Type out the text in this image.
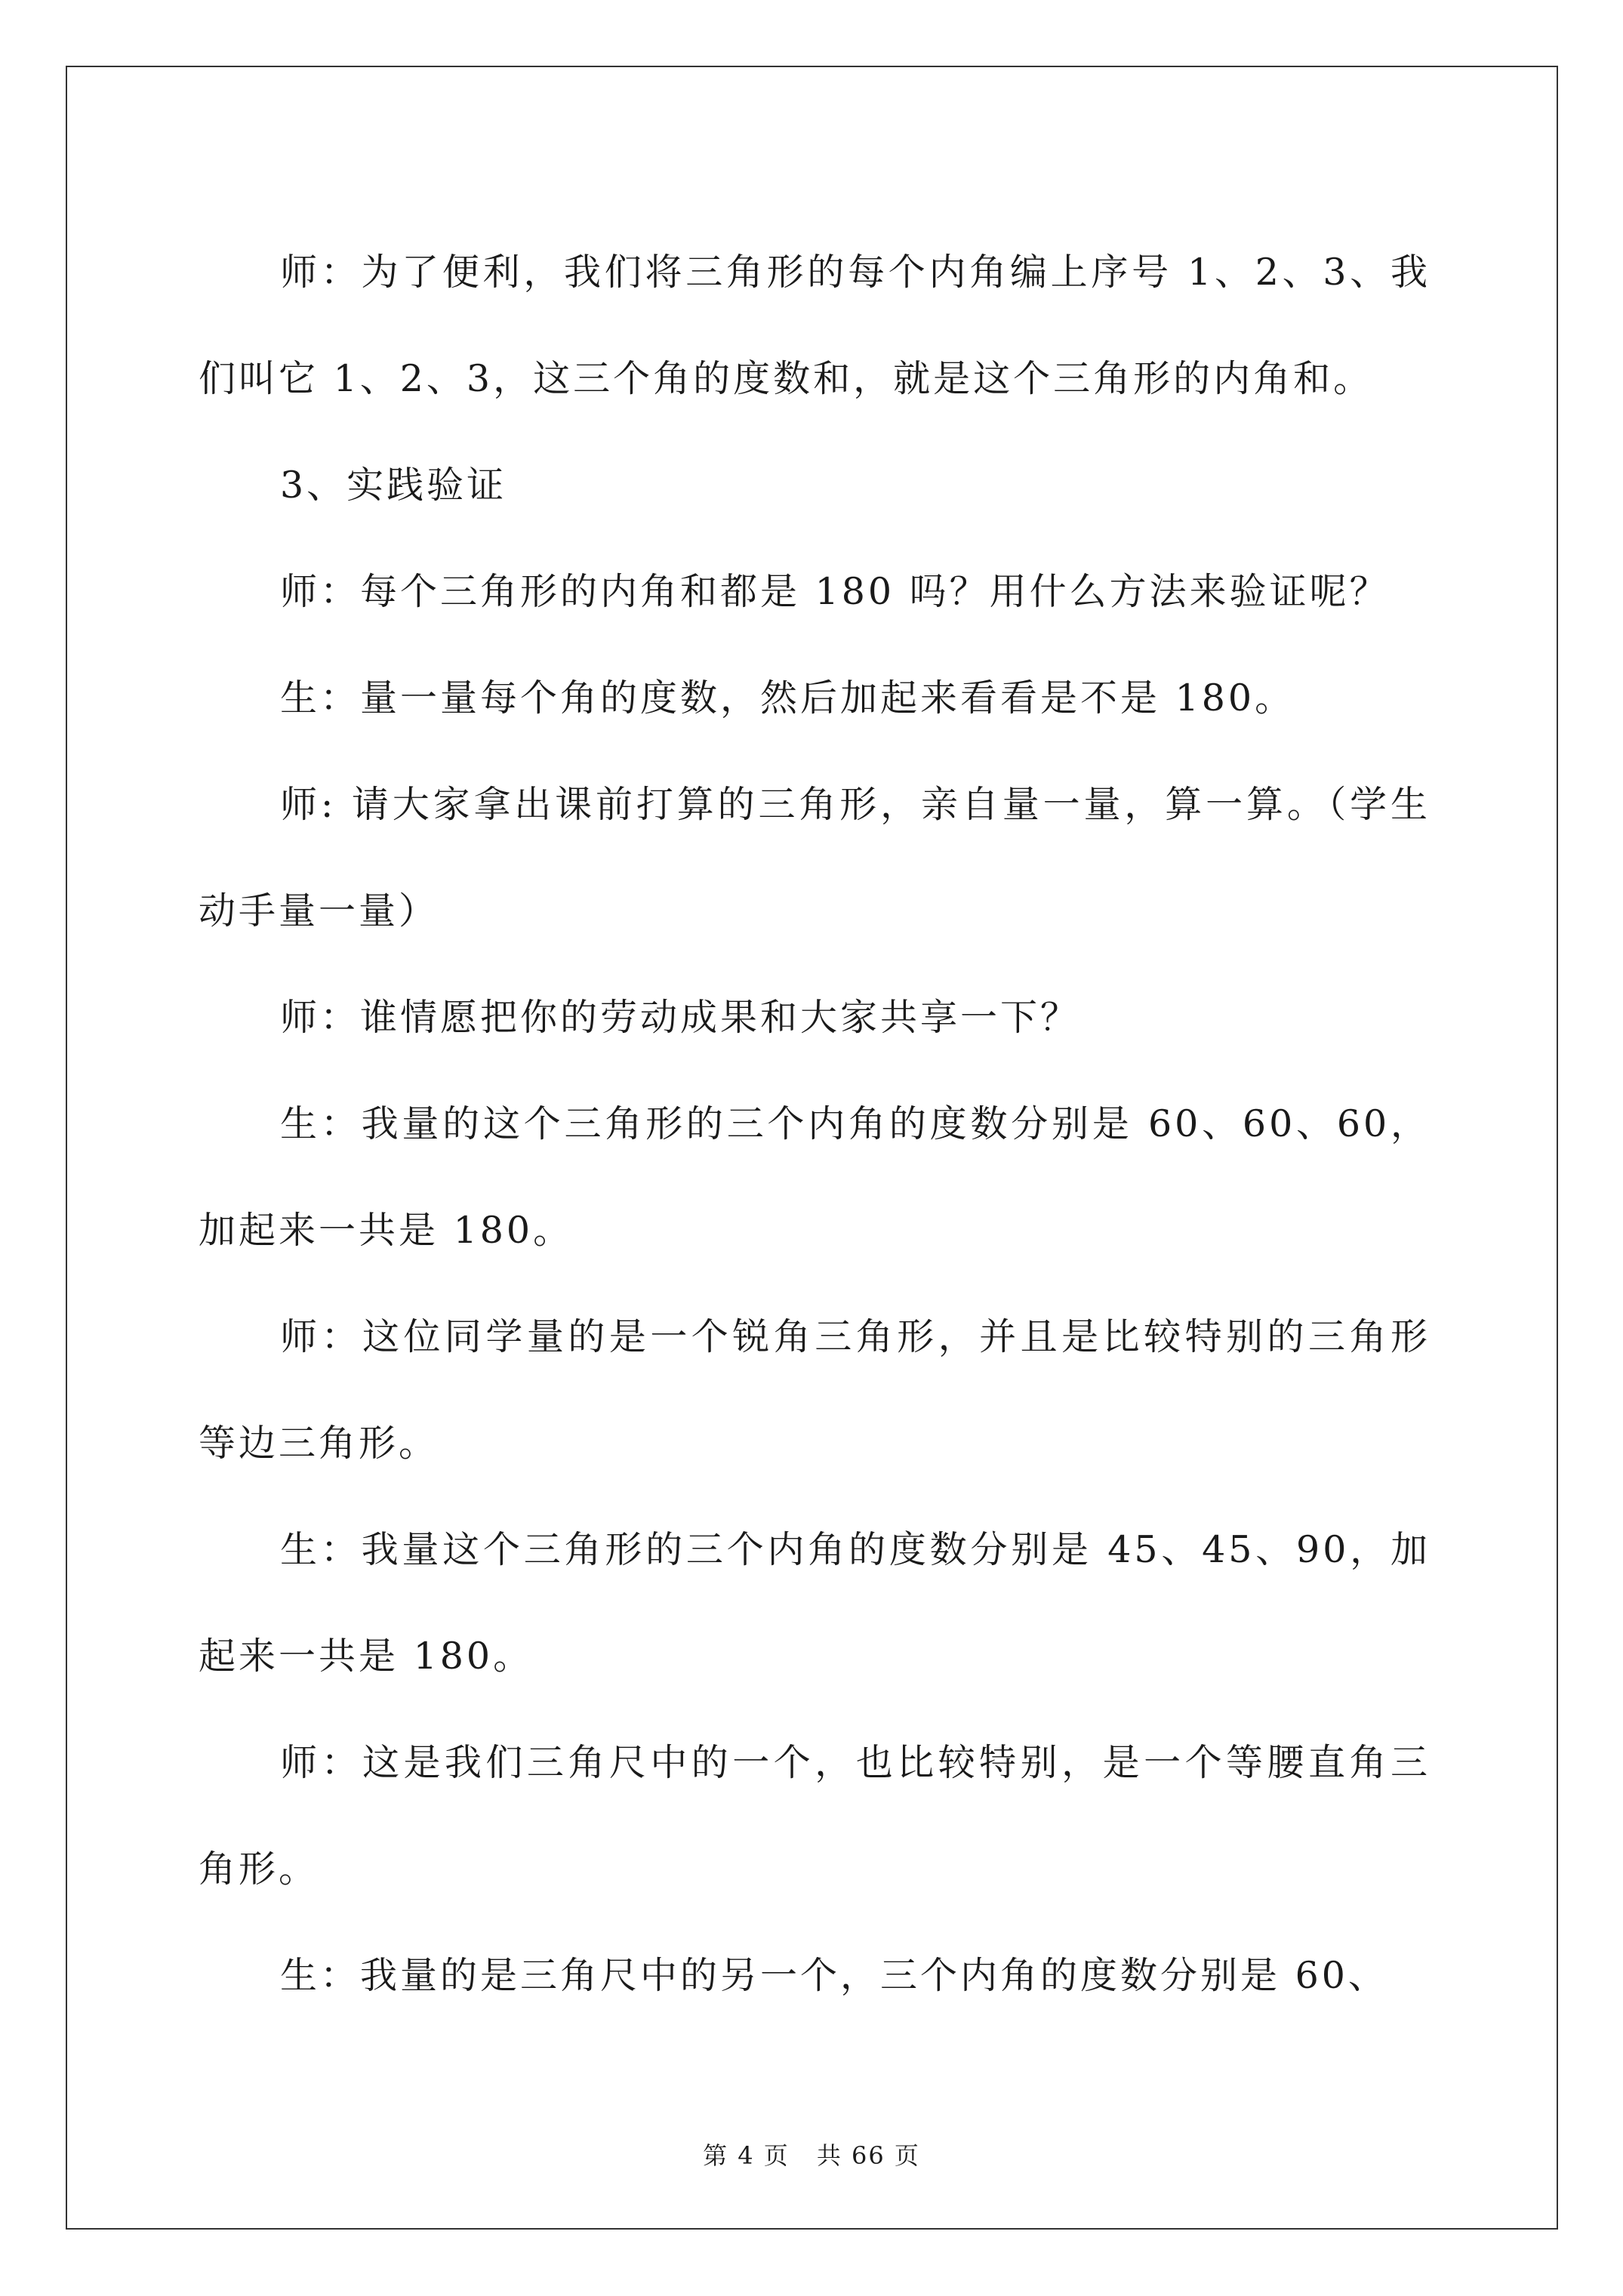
师：为了便利，我们将三角形的每个内角编上序号 1、2、3、我们叫它 1、2、3，这三个角的度数和，就是这个三角形的内角和。

3、实践验证

师：每个三角形的内角和都是 180 吗？用什么方法来验证呢？

生：量一量每个角的度数，然后加起来看看是不是 180。

师: 请大家拿出课前打算的三角形，亲自量一量，算一算。（学生动手量一量）

师：谁情愿把你的劳动成果和大家共享一下？

生：我量的这个三角形的三个内角的度数分别是 60、60、60，加起来一共是 180。

师：这位同学量的是一个锐角三角形，并且是比较特别的三角形等边三角形。

生：我量这个三角形的三个内角的度数分别是 45、45、90，加起来一共是 180。

师：这是我们三角尺中的一个，也比较特别，是一个等腰直角三角形。

生：我量的是三角尺中的另一个，三个内角的度数分别是 60、

第 4 页 共 66 页
